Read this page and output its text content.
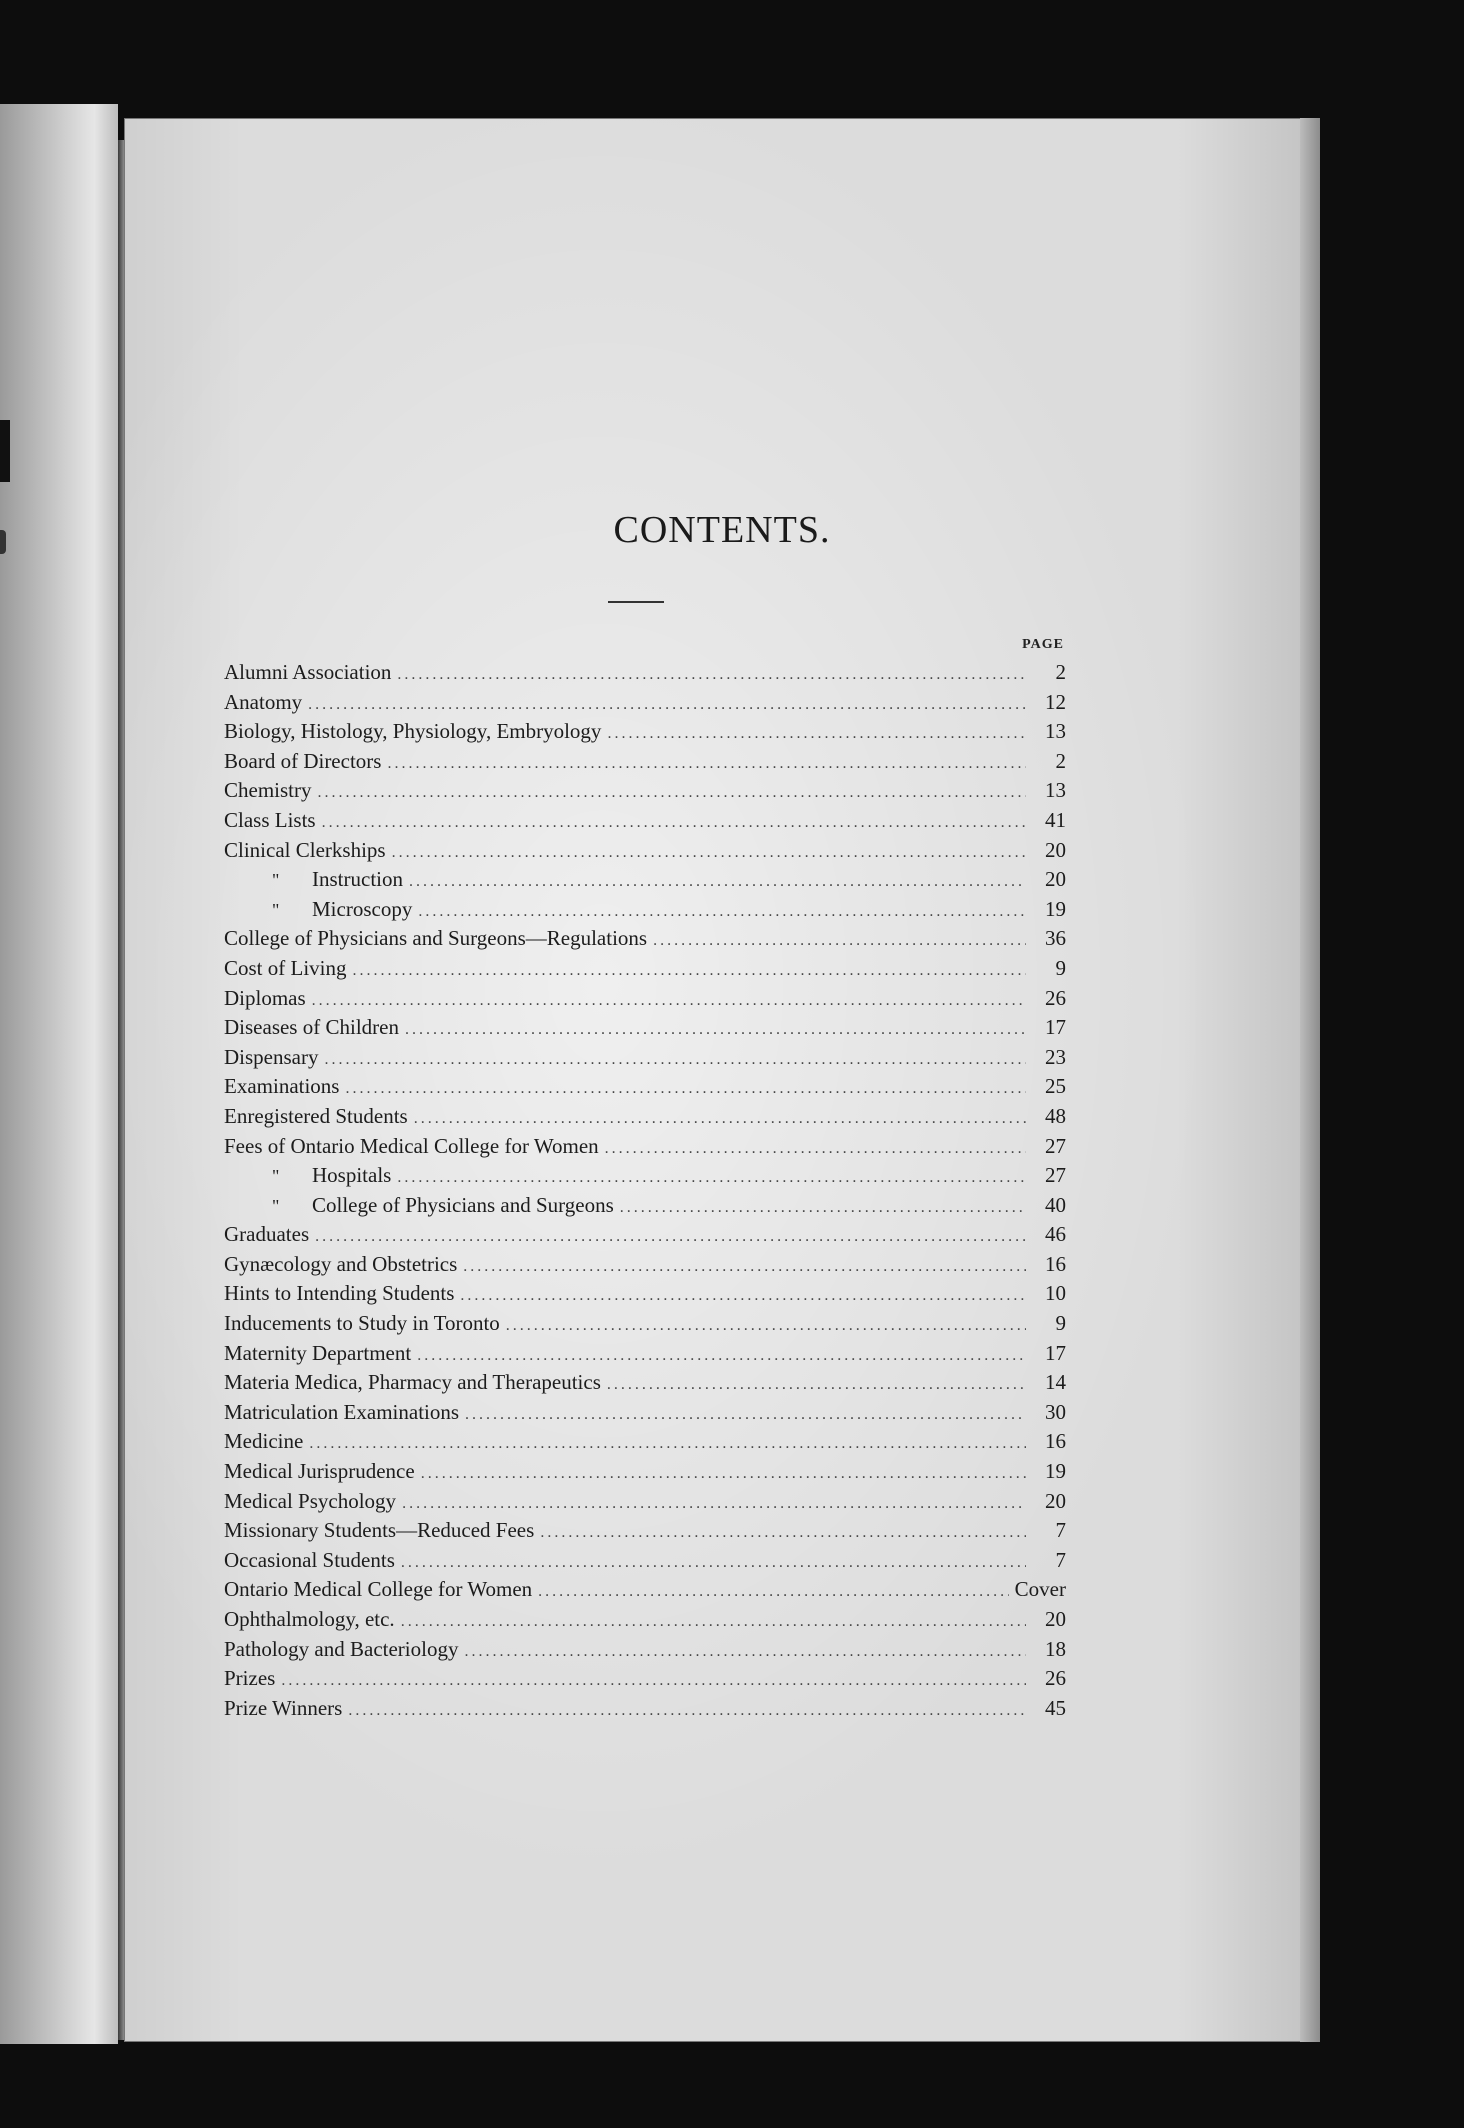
CONTENTS.
PAGE
Alumni Association .....	2
Anatomy .....	12
Biology, Histology, Physiology, Embryology .....	13
Board of Directors .....	2
Chemistry .....	13
Class Lists .....	41
Clinical Clerkships .....	20
" Instruction .....	20
" Microscopy .....	19
College of Physicians and Surgeons—Regulations .....	36
Cost of Living .....	9
Diplomas .....	26
Diseases of Children .....	17
Dispensary .....	23
Examinations .....	25
Enregistered Students .....	48
Fees of Ontario Medical College for Women .....	27
" Hospitals .....	27
" College of Physicians and Surgeons .....	40
Graduates .....	46
Gynæcology and Obstetrics .....	16
Hints to Intending Students .....	10
Inducements to Study in Toronto .....	9
Maternity Department .....	17
Materia Medica, Pharmacy and Therapeutics .....	14
Matriculation Examinations .....	30
Medicine .....	16
Medical Jurisprudence .....	19
Medical Psychology .....	20
Missionary Students—Reduced Fees .....	7
Occasional Students .....	7
Ontario Medical College for Women .....	Cover
Ophthalmology, etc. .....	20
Pathology and Bacteriology .....	18
Prizes .....	26
Prize Winners .....	45
